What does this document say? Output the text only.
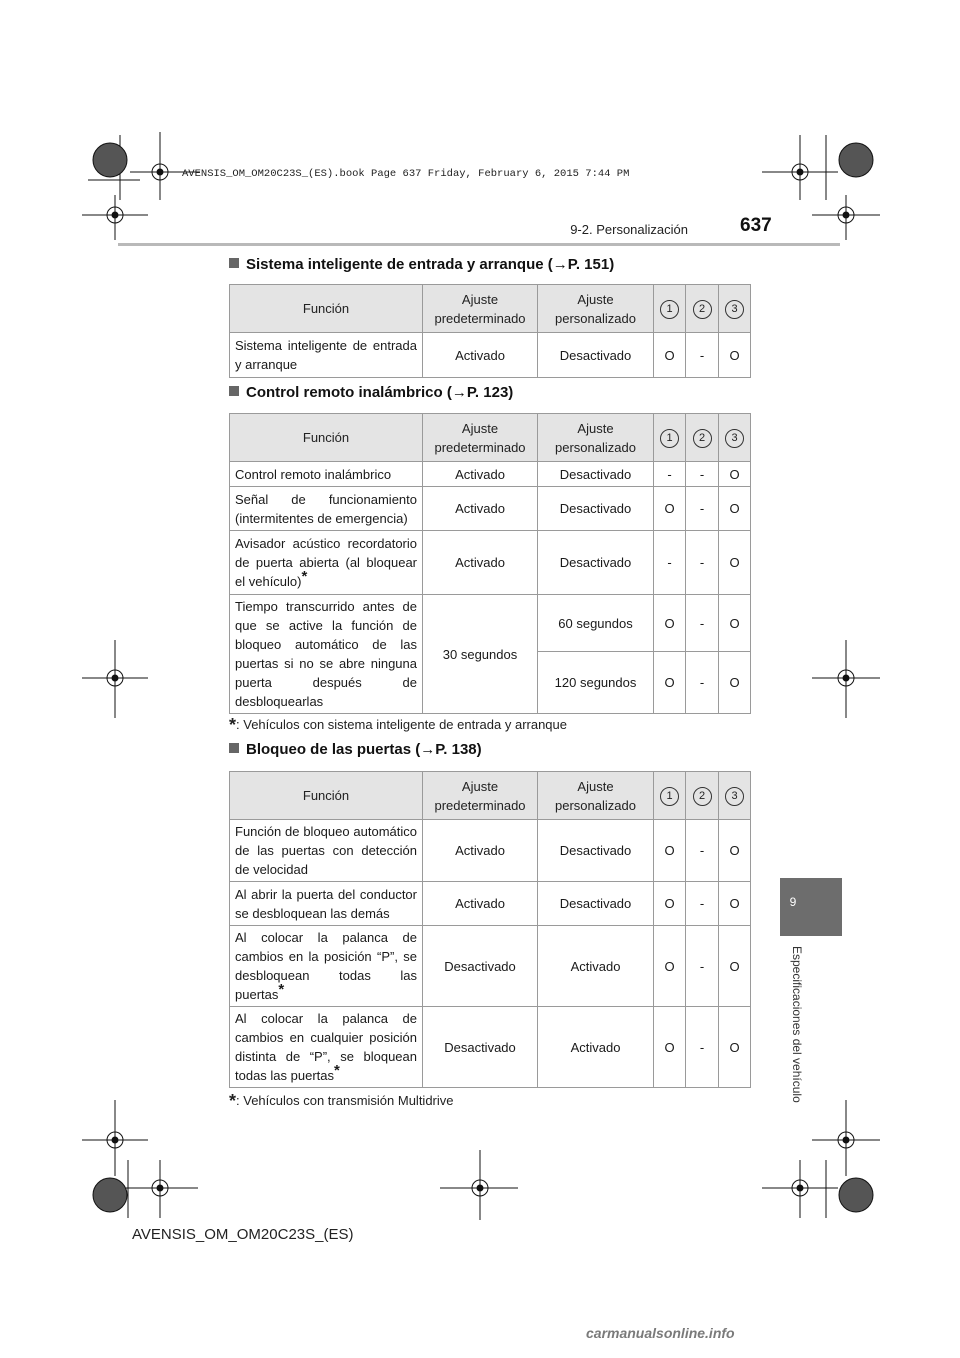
AVENSIS_OM_OM20C23S_(ES).book Page 637 Friday, February 6, 2015 7:44 PM
9-2. Personalización	637
9
Especificaciones del vehículo
Sistema inteligente de entrada y arranque (→P. 151)
Función	Ajuste predeterminado	Ajuste personalizado	1	2	3
Sistema inteligente de entrada y arranque	Activado	Desactivado	O	-	O
Control remoto inalámbrico (→P. 123)
Función	Ajuste predeterminado	Ajuste personalizado	1	2	3
Control remoto inalámbrico	Activado	Desactivado	-	-	O
Señal de funcionamiento (intermitentes de emergencia)	Activado	Desactivado	O	-	O
Avisador acústico recordatorio de puerta abierta (al bloquear el vehículo)*	Activado	Desactivado	-	-	O
Tiempo transcurrido antes de que se active la función de bloqueo automático de las puertas si no se abre ninguna puerta después de desbloquearlas	30 segundos	60 segundos	O	-	O
		120 segundos	O	-	O
*: Vehículos con sistema inteligente de entrada y arranque
Bloqueo de las puertas (→P. 138)
Función	Ajuste predeterminado	Ajuste personalizado	1	2	3
Función de bloqueo automático de las puertas con detección de velocidad	Activado	Desactivado	O	-	O
Al abrir la puerta del conductor se desbloquean las demás	Activado	Desactivado	O	-	O
Al colocar la palanca de cambios en la posición “P”, se desbloquean todas las puertas*	Desactivado	Activado	O	-	O
Al colocar la palanca de cambios en cualquier posición distinta de “P”, se bloquean todas las puertas*	Desactivado	Activado	O	-	O
*: Vehículos con transmisión Multidrive
AVENSIS_OM_OM20C23S_(ES)
carmanualsonline.info
